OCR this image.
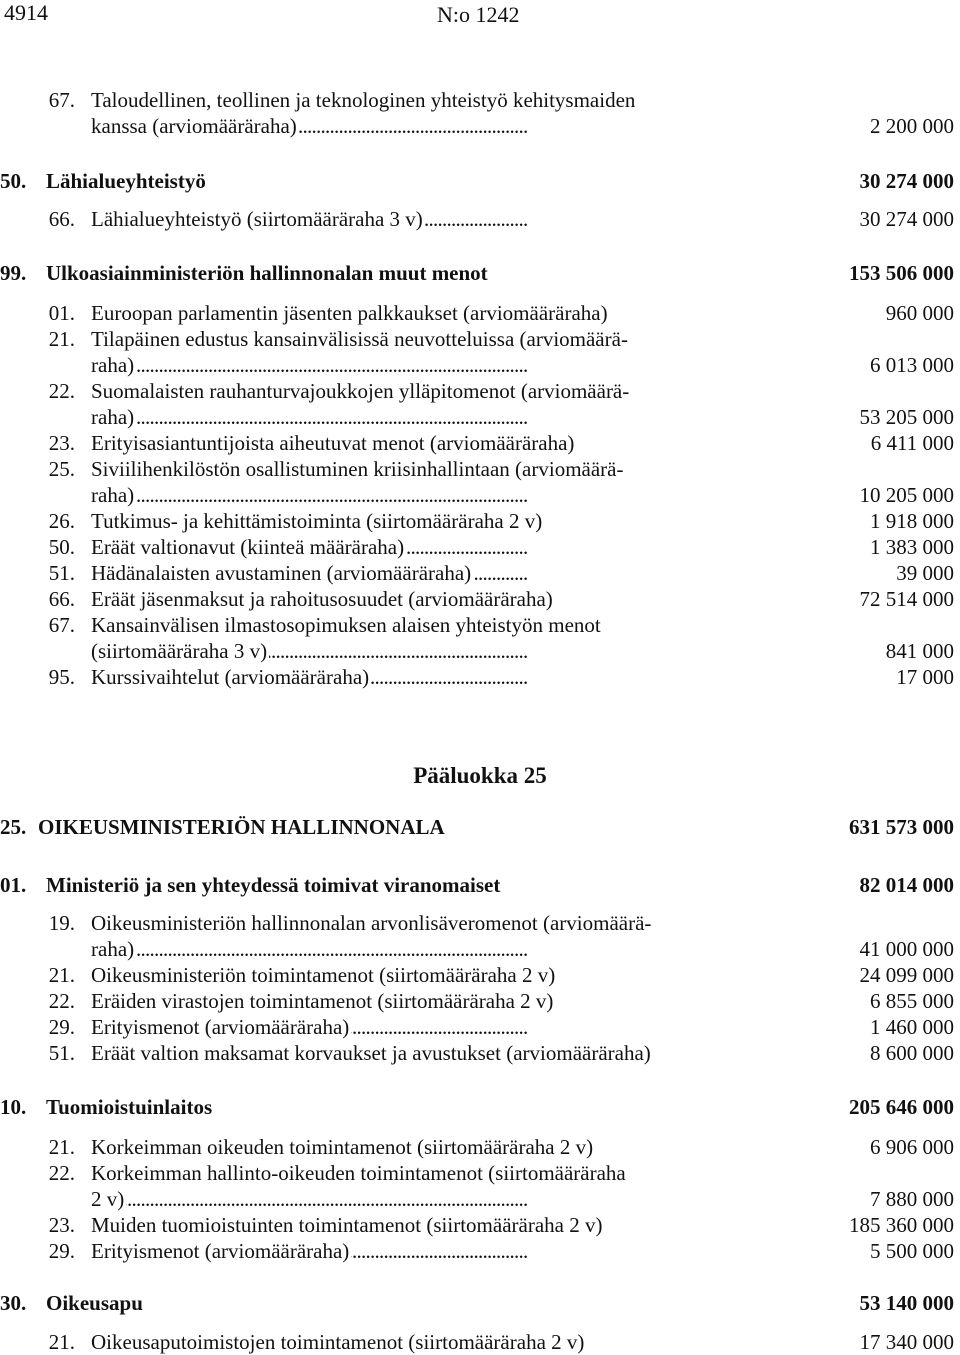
4914	N:o 1242
67. Taloudellinen, teollinen ja teknologinen yhteistyö kehitysmaiden
kanssa (arviomääräraha) . . .	2 200 000
50. Lähialueyhteistyö	30 274 000
66. Lähialueyhteistyö (siirtomääräraha 3 v) . . .	30 274 000
99. Ulkoasiainministeriön hallinnonalan muut menot	153 506 000
01. Euroopan parlamentin jäsenten palkkaukset (arviomääräraha) . . .	960 000
21. Tilapäinen edustus kansainvälisissä neuvotteluissa (arviomäärä-
raha) . . .	6 013 000
22. Suomalaisten rauhanturvajoukkojen ylläpitomenot (arviomäärä-
raha) . . .	53 205 000
23. Erityisasiantuntijoista aiheutuvat menot (arviomääräraha) . . .	6 411 000
25. Siviilihenkilöstön osallistuminen kriisinhallintaan (arviomäärä-
raha) . . .	10 205 000
26. Tutkimus- ja kehittämistoiminta (siirtomääräraha 2 v) . . .	1 918 000
50. Eräät valtionavut (kiinteä määräraha) . . .	1 383 000
51. Hädänalaisten avustaminen (arviomääräraha) . . .	39 000
66. Eräät jäsenmaksut ja rahoitusosuudet (arviomääräraha) . . .	72 514 000
67. Kansainvälisen ilmastosopimuksen alaisen yhteistyön menot
(siirtomääräraha 3 v) . . .	841 000
95. Kurssivaihtelut (arviomääräraha) . . .	17 000
Pääluokka 25
25. OIKEUSMINISTERIÖN HALLINNONALA	631 573 000
01. Ministeriö ja sen yhteydessä toimivat viranomaiset	82 014 000
19. Oikeusministeriön hallinnonalan arvonlisäveromenot (arviomäärä-
raha) . . .	41 000 000
21. Oikeusministeriön toimintamenot (siirtomääräraha 2 v) . . .	24 099 000
22. Eräiden virastojen toimintamenot (siirtomääräraha 2 v) . . .	6 855 000
29. Erityismenot (arviomääräraha) . . .	1 460 000
51. Eräät valtion maksamat korvaukset ja avustukset (arviomääräraha) . . .	8 600 000
10. Tuomioistuinlaitos	205 646 000
21. Korkeimman oikeuden toimintamenot (siirtomääräraha 2 v) . . .	6 906 000
22. Korkeimman hallinto-oikeuden toimintamenot (siirtomääräraha
2 v) . . .	7 880 000
23. Muiden tuomioistuinten toimintamenot (siirtomääräraha 2 v) . . .	185 360 000
29. Erityismenot (arviomääräraha) . . .	5 500 000
30. Oikeusapu	53 140 000
21. Oikeusaputoimistojen toimintamenot (siirtomääräraha 2 v) . . .	17 340 000
